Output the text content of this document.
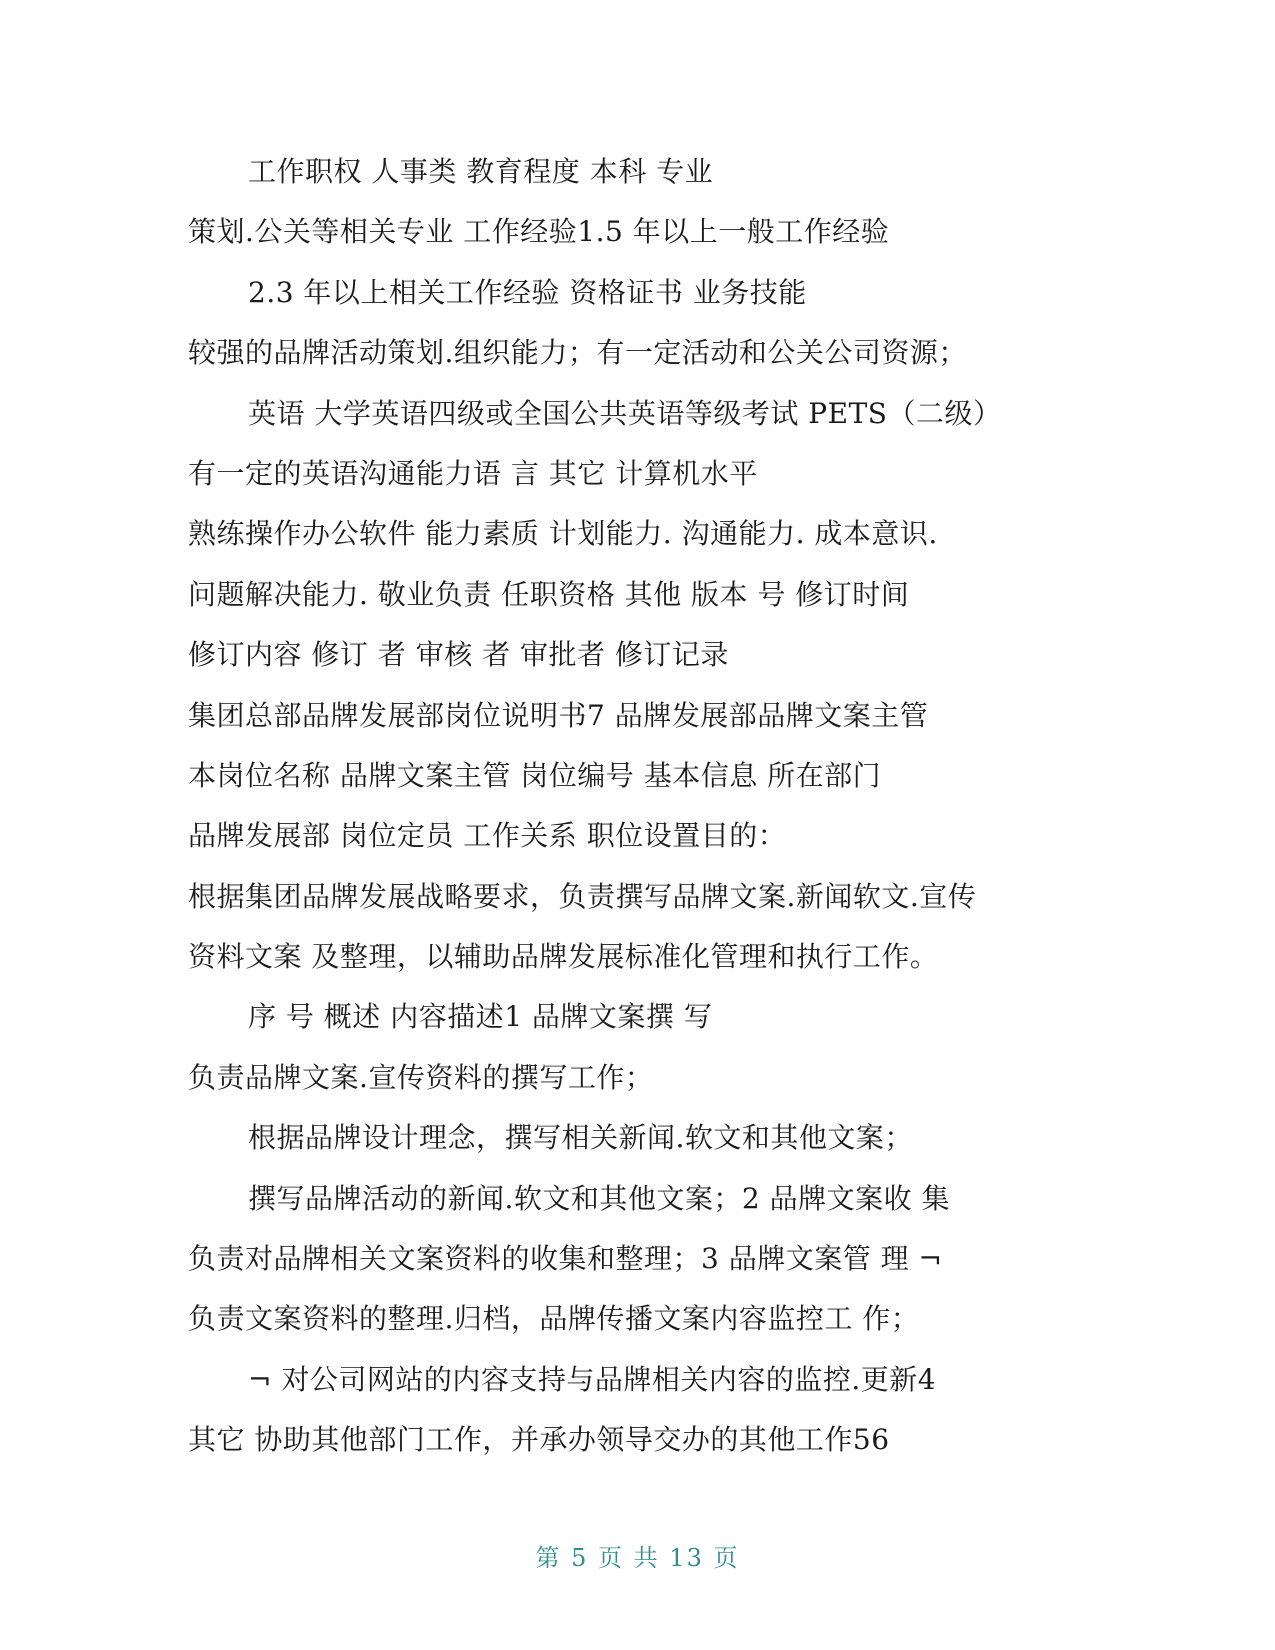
工作职权 人事类 教育程度 本科 专业
策划.公关等相关专业 工作经验1.5 年以上一般工作经验
2.3 年以上相关工作经验 资格证书 业务技能
较强的品牌活动策划.组织能力；有一定活动和公关公司资源；
英语 大学英语四级或全国公共英语等级考试 PETS（二级）
有一定的英语沟通能力语 言 其它 计算机水平
熟练操作办公软件 能力素质 计划能力. 沟通能力. 成本意识.
问题解决能力. 敬业负责 任职资格 其他 版本 号 修订时间
修订内容 修订 者 审核 者 审批者 修订记录
集团总部品牌发展部岗位说明书7 品牌发展部品牌文案主管
本岗位名称 品牌文案主管 岗位编号 基本信息 所在部门
品牌发展部 岗位定员 工作关系 职位设置目的：
根据集团品牌发展战略要求，负责撰写品牌文案.新闻软文.宣传
资料文案 及整理，以辅助品牌发展标准化管理和执行工作。
序 号 概述 内容描述1 品牌文案撰 写
负责品牌文案.宣传资料的撰写工作；
根据品牌设计理念，撰写相关新闻.软文和其他文案；
撰写品牌活动的新闻.软文和其他文案；2 品牌文案收 集
负责对品牌相关文案资料的收集和整理；3 品牌文案管 理 ¬
负责文案资料的整理.归档，品牌传播文案内容监控工 作；
¬ 对公司网站的内容支持与品牌相关内容的监控.更新4
其它 协助其他部门工作，并承办领导交办的其他工作56
第 5 页 共 13 页
